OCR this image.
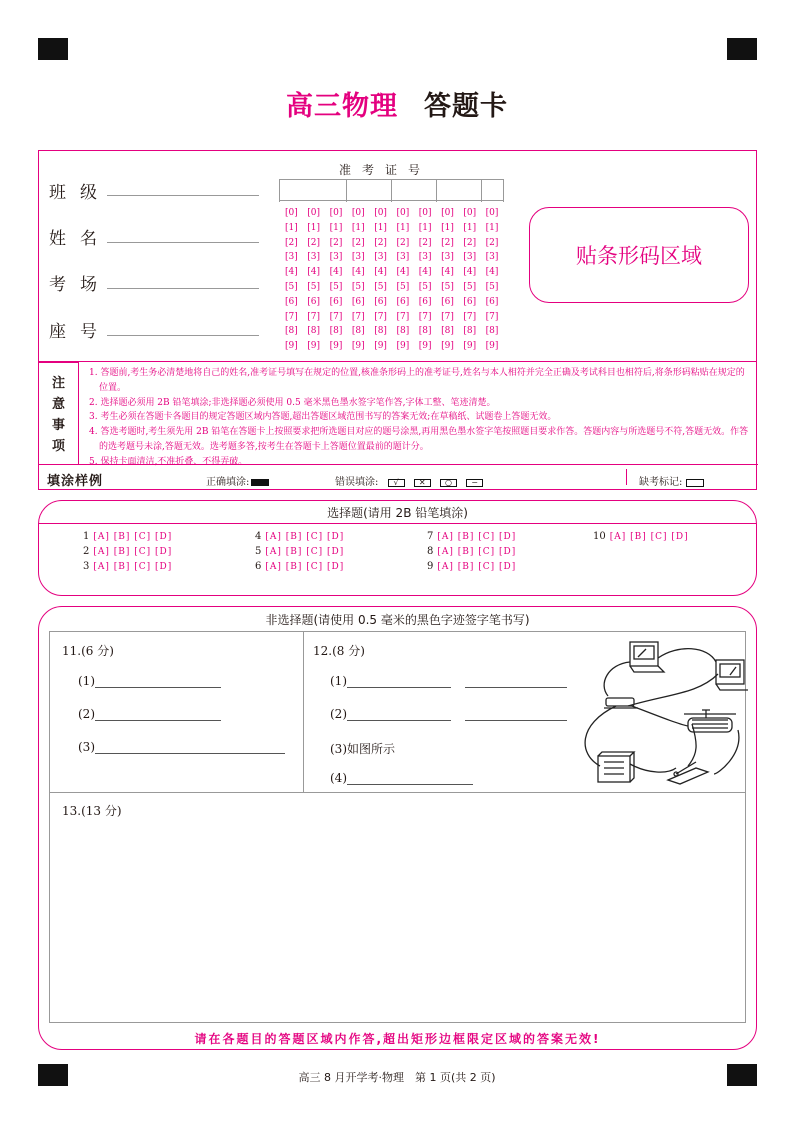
高三物理 答题卡
班级
姓名
考场
座号
准考证号
[0] [0] [0] [0] [0] [0] [0] [0] [0] [0]
[1] [1] [1] [1] [1] [1] [1] [1] [1] [1]
[2] [2] [2] [2] [2] [2] [2] [2] [2] [2]
[3] [3] [3] [3] [3] [3] [3] [3] [3] [3]
[4] [4] [4] [4] [4] [4] [4] [4] [4] [4]
[5] [5] [5] [5] [5] [5] [5] [5] [5] [5]
[6] [6] [6] [6] [6] [6] [6] [6] [6] [6]
[7] [7] [7] [7] [7] [7] [7] [7] [7] [7]
[8] [8] [8] [8] [8] [8] [8] [8] [8] [8]
[9] [9] [9] [9] [9] [9] [9] [9] [9] [9]
贴条形码区域
注
意
事
项
1. 答题前,考生务必清楚地将自己的姓名,准考证号填写在规定的位置,核准条形码上的准考证号,姓名与本人相符并完全正确及考试科目也相符后,将条形码粘贴在规定的位置。
2. 选择题必须用 2B 铅笔填涂;非选择题必须使用 0.5 毫米黑色墨水签字笔作答,字体工整、笔迹清楚。
3. 考生必须在答题卡各题目的规定答题区域内答题,超出答题区域范围书写的答案无效;在草稿纸、试题卷上答题无效。
4. 答选考题时,考生须先用 2B 铅笔在答题卡上按照要求把所选题目对应的题号涂黑,再用黑色墨水签字笔按照题目要求作答。答题内容与所选题号不符,答题无效。作答的选考题号未涂,答题无效。选考题多答,按考生在答题卡上答题位置最前的题计分。
5. 保持卡面清洁,不准折叠、不得弄破。
填涂样例	正确填涂:	错误填涂: √	✕ ○ −	缺考标记:
选择题(请用 2B 铅笔填涂)
1 [A] [B] [C] [D]
2 [A] [B] [C] [D]
3 [A] [B] [C] [D]
4 [A] [B] [C] [D]
5 [A] [B] [C] [D]
6 [A] [B] [C] [D]
7 [A] [B] [C] [D]
8 [A] [B] [C] [D]
9 [A] [B] [C] [D]
10 [A] [B] [C] [D]
非选择题(请使用 0.5 毫米的黑色字迹签字笔书写)
11.(6 分)
(1)
(2)
(3)
12.(8 分)
(1)
(2)
(3)如图所示
(4)
13.(13 分)
请在各题目的答题区域内作答,超出矩形边框限定区域的答案无效!
高三 8 月开学考·物理　第 1 页(共 2 页)
